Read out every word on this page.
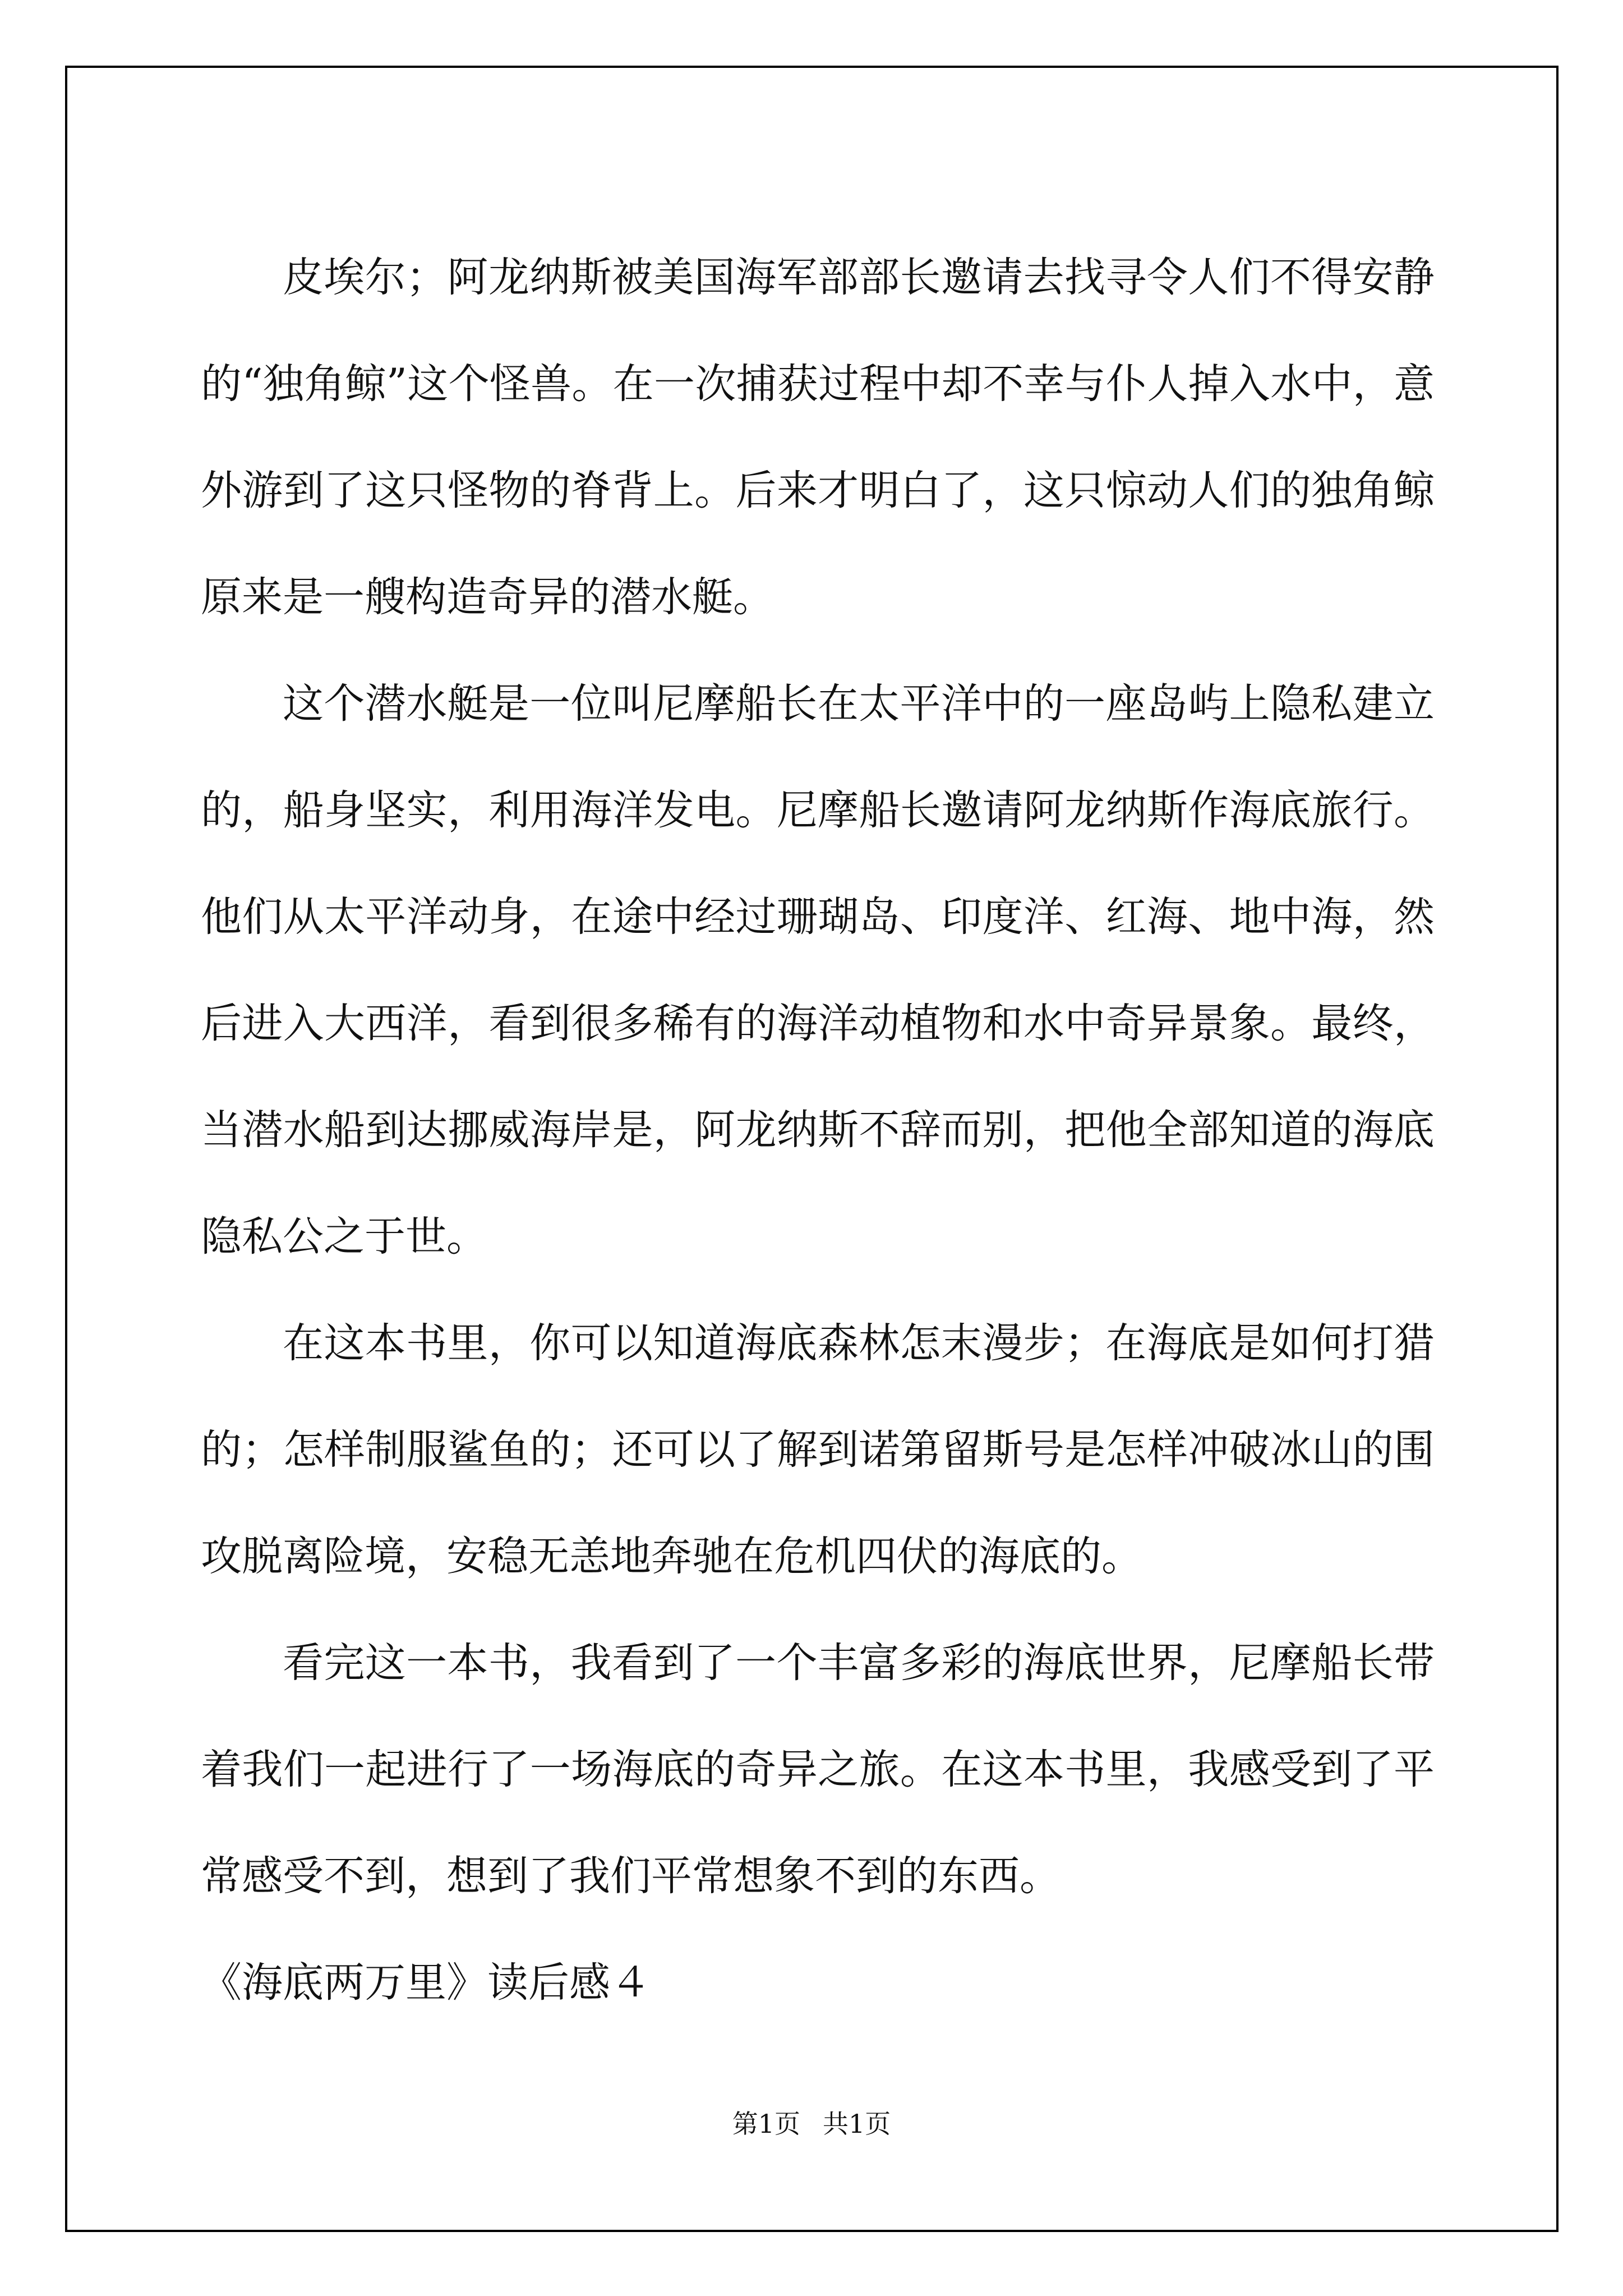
皮埃尔；阿龙纳斯被美国海军部部长邀请去找寻令人们不得安静的“独角鲸”这个怪兽。在一次捕获过程中却不幸与仆人掉入水中，意外游到了这只怪物的脊背上。后来才明白了，这只惊动人们的独角鲸原来是一艘构造奇异的潜水艇。

这个潜水艇是一位叫尼摩船长在太平洋中的一座岛屿上隐私建立的，船身坚实，利用海洋发电。尼摩船长邀请阿龙纳斯作海底旅行。他们从太平洋动身，在途中经过珊瑚岛、印度洋、红海、地中海，然后进入大西洋，看到很多稀有的海洋动植物和水中奇异景象。最终，当潜水船到达挪威海岸是，阿龙纳斯不辞而别，把他全部知道的海底隐私公之于世。

在这本书里，你可以知道海底森林怎末漫步；在海底是如何打猎的；怎样制服鲨鱼的；还可以了解到诺第留斯号是怎样冲破冰山的围攻脱离险境，安稳无恙地奔驰在危机四伏的海底的。

看完这一本书，我看到了一个丰富多彩的海底世界，尼摩船长带着我们一起进行了一场海底的奇异之旅。在这本书里，我感受到了平常感受不到，想到了我们平常想象不到的东西。

《海底两万里》读后感４

第1页 共1页
